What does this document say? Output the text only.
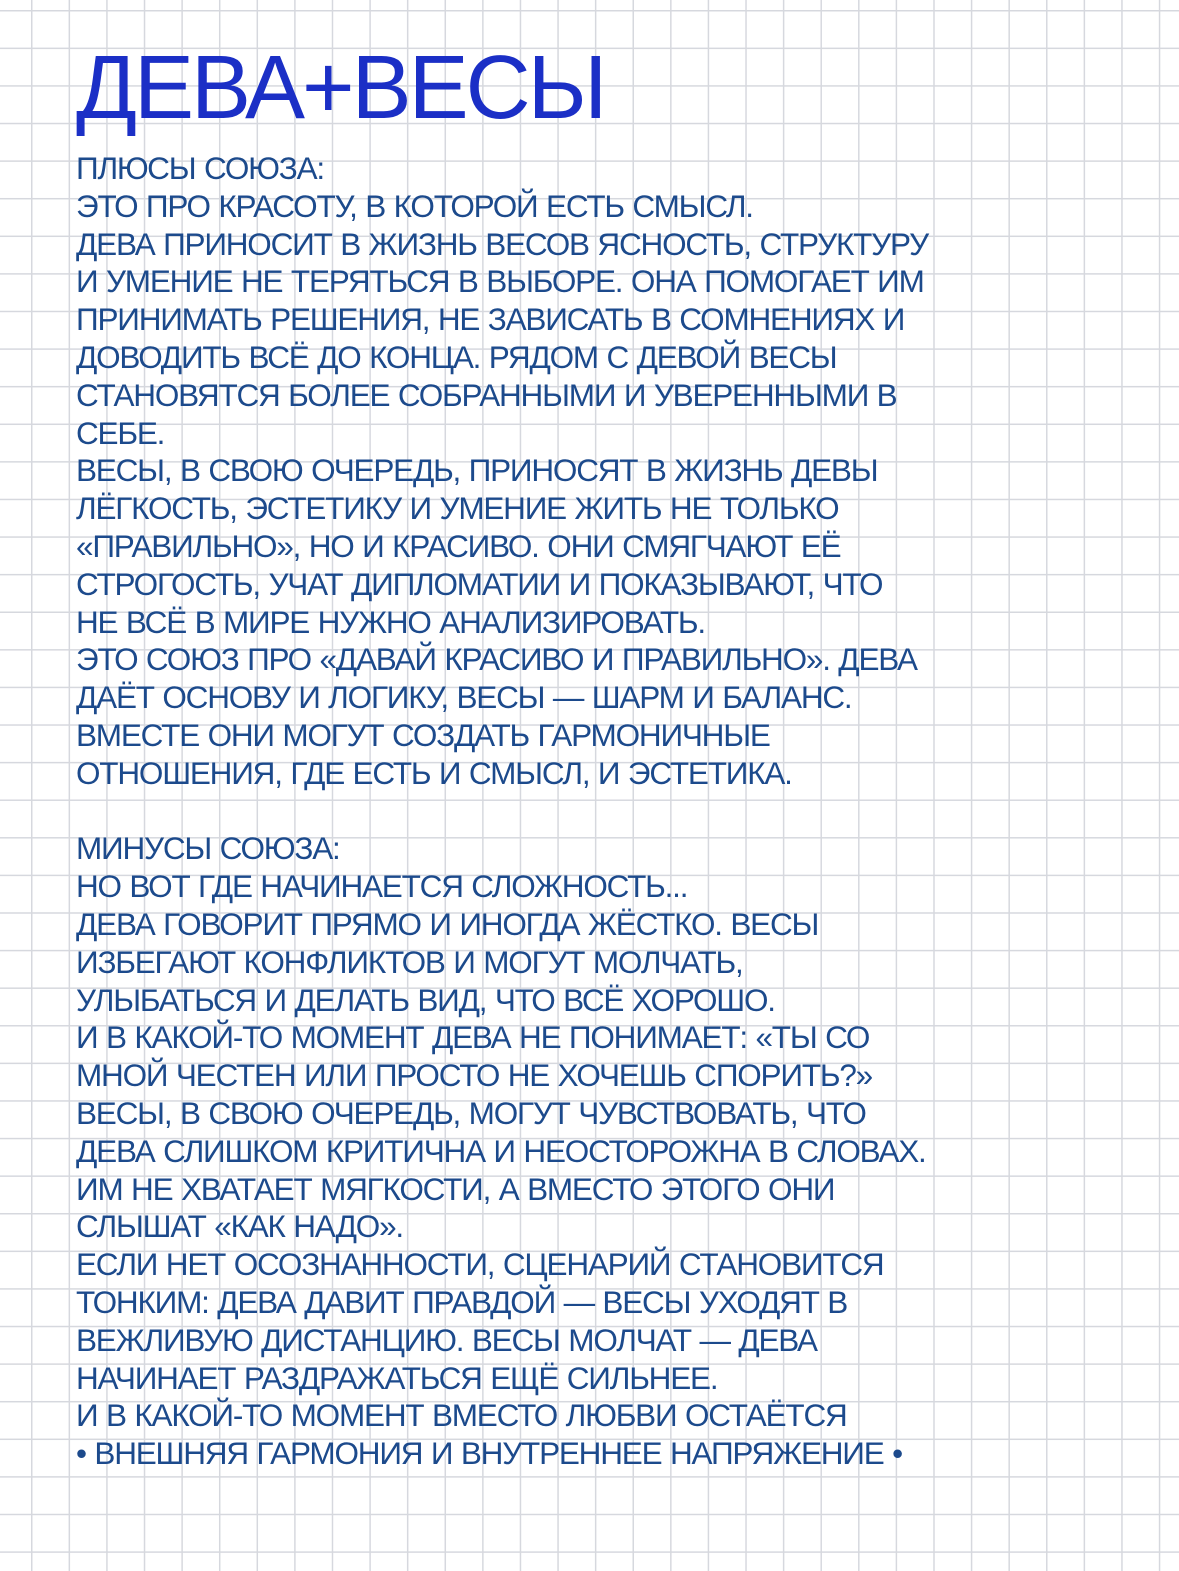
ДЕВА+ВЕСЫ
ПЛЮСЫ СОЮЗА:
ЭТО ПРО КРАСОТУ, В КОТОРОЙ ЕСТЬ СМЫСЛ.
ДЕВА ПРИНОСИТ В ЖИЗНЬ ВЕСОВ ЯСНОСТЬ, СТРУКТУРУ
И УМЕНИЕ НЕ ТЕРЯТЬСЯ В ВЫБОРЕ. ОНА ПОМОГАЕТ ИМ
ПРИНИМАТЬ РЕШЕНИЯ, НЕ ЗАВИСАТЬ В СОМНЕНИЯХ И
ДОВОДИТЬ ВСЁ ДО КОНЦА. РЯДОМ С ДЕВОЙ ВЕСЫ
СТАНОВЯТСЯ БОЛЕЕ СОБРАННЫМИ И УВЕРЕННЫМИ В
СЕБЕ.
ВЕСЫ, В СВОЮ ОЧЕРЕДЬ, ПРИНОСЯТ В ЖИЗНЬ ДЕВЫ
ЛЁГКОСТЬ, ЭСТЕТИКУ И УМЕНИЕ ЖИТЬ НЕ ТОЛЬКО
«ПРАВИЛЬНО», НО И КРАСИВО. ОНИ СМЯГЧАЮТ ЕЁ
СТРОГОСТЬ, УЧАТ ДИПЛОМАТИИ И ПОКАЗЫВАЮТ, ЧТО
НЕ ВСЁ В МИРЕ НУЖНО АНАЛИЗИРОВАТЬ.
ЭТО СОЮЗ ПРО «ДАВАЙ КРАСИВО И ПРАВИЛЬНО». ДЕВА
ДАЁТ ОСНОВУ И ЛОГИКУ, ВЕСЫ — ШАРМ И БАЛАНС.
ВМЕСТЕ ОНИ МОГУТ СОЗДАТЬ ГАРМОНИЧНЫЕ
ОТНОШЕНИЯ, ГДЕ ЕСТЬ И СМЫСЛ, И ЭСТЕТИКА.
МИНУСЫ СОЮЗА:
НО ВОТ ГДЕ НАЧИНАЕТСЯ СЛОЖНОСТЬ...
ДЕВА ГОВОРИТ ПРЯМО И ИНОГДА ЖЁСТКО. ВЕСЫ
ИЗБЕГАЮТ КОНФЛИКТОВ И МОГУТ МОЛЧАТЬ,
УЛЫБАТЬСЯ И ДЕЛАТЬ ВИД, ЧТО ВСЁ ХОРОШО.
И В КАКОЙ-ТО МОМЕНТ ДЕВА НЕ ПОНИМАЕТ: «ТЫ СО
МНОЙ ЧЕСТЕН ИЛИ ПРОСТО НЕ ХОЧЕШЬ СПОРИТЬ?»
ВЕСЫ, В СВОЮ ОЧЕРЕДЬ, МОГУТ ЧУВСТВОВАТЬ, ЧТО
ДЕВА СЛИШКОМ КРИТИЧНА И НЕОСТОРОЖНА В СЛОВАХ.
ИМ НЕ ХВАТАЕТ МЯГКОСТИ, А ВМЕСТО ЭТОГО ОНИ
СЛЫШАТ «КАК НАДО».
ЕСЛИ НЕТ ОСОЗНАННОСТИ, СЦЕНАРИЙ СТАНОВИТСЯ
ТОНКИМ: ДЕВА ДАВИТ ПРАВДОЙ — ВЕСЫ УХОДЯТ В
ВЕЖЛИВУЮ ДИСТАНЦИЮ. ВЕСЫ МОЛЧАТ — ДЕВА
НАЧИНАЕТ РАЗДРАЖАТЬСЯ ЕЩЁ СИЛЬНЕЕ.
И В КАКОЙ-ТО МОМЕНТ ВМЕСТО ЛЮБВИ ОСТАЁТСЯ
• ВНЕШНЯЯ ГАРМОНИЯ И ВНУТРЕННЕЕ НАПРЯЖЕНИЕ •
